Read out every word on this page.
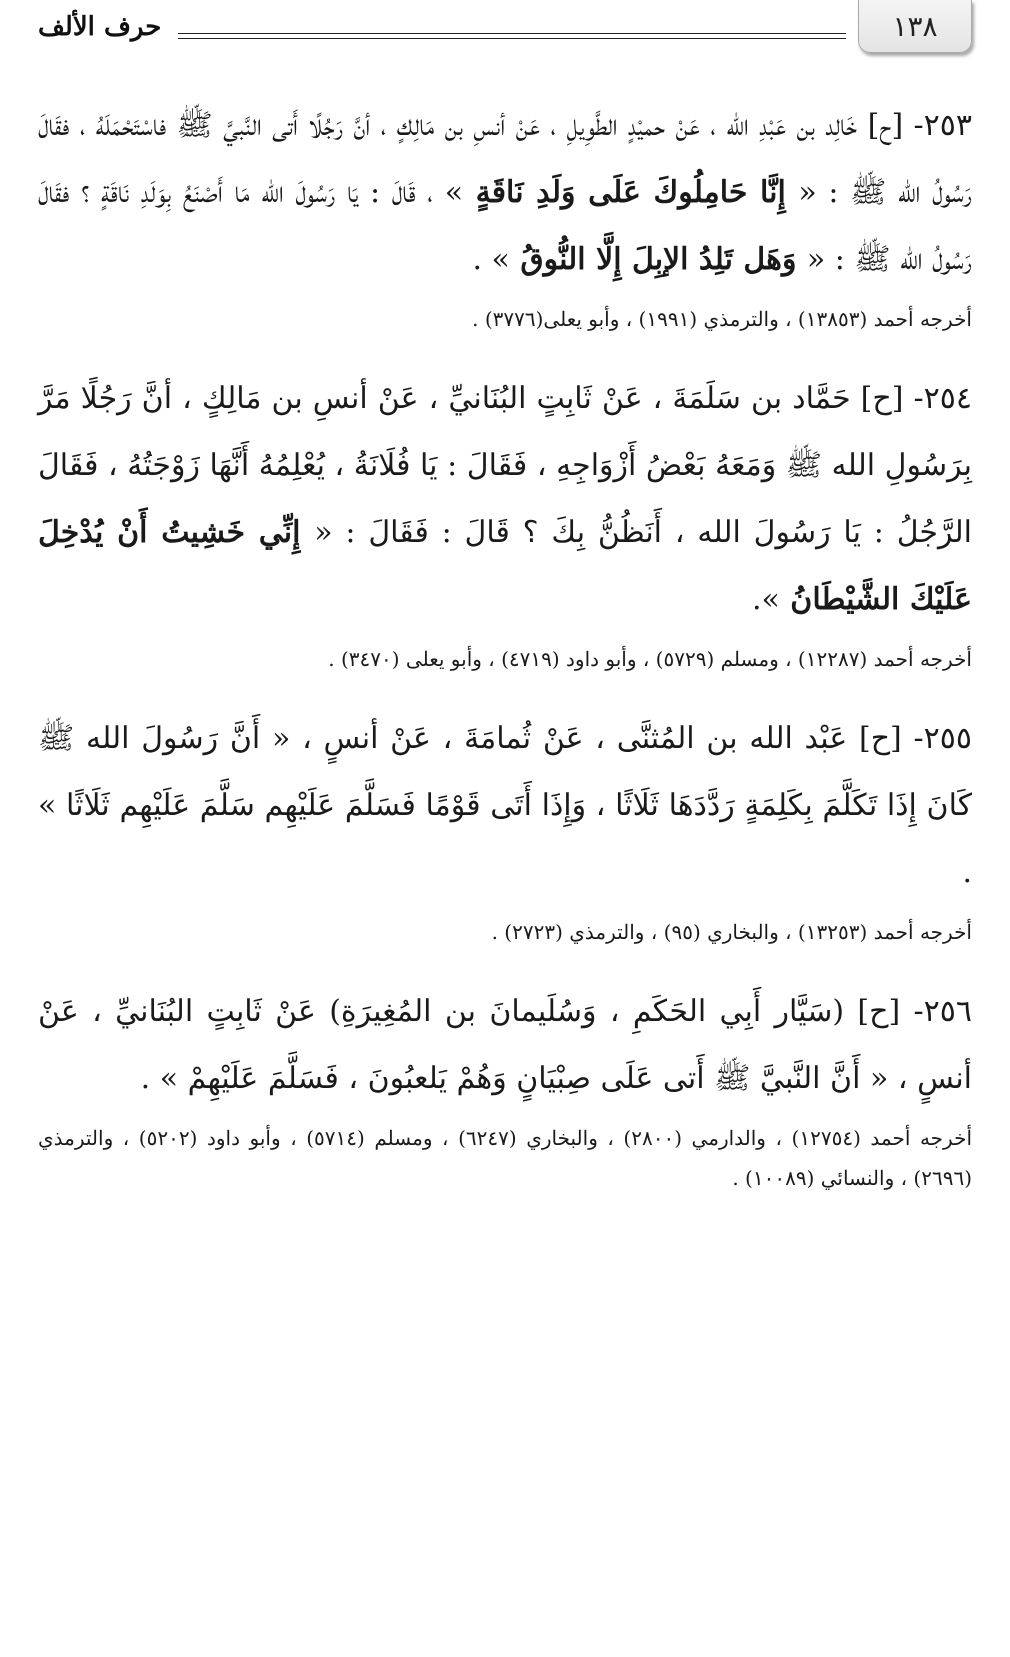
١٣٨
حرف الألف

٢٥٣- [ح] خَالِد بن عَبْدِ الله ، عَنْ حميْدٍ الطَّوِيلِ ، عَنْ أنسِ بن مَالِكٍ ، أنَّ رَجُلًا أَتى النَّبيَّ ﷺ فاسْتَحْمَلَهُ ، فقَالَ رَسُولُ الله ﷺ : « إِنَّا حَامِلُوكَ عَلَى وَلَدِ نَاقَةٍ » ، قَالَ : يَا رَسُولَ الله مَا أَصْنَعُ بِوَلَدِ نَاقَةٍ ؟ فقَالَ رَسُولُ الله ﷺ : « وَهَل تَلِدُ الإبِلَ إِلَّا النُّوقُ » .

أخرجه أحمد (١٣٨٥٣) ، والترمذي (١٩٩١) ، وأبو يعلى(٣٧٧٦) .

٢٥٤- [ح] حَمَّاد بن سَلَمَةَ ، عَنْ ثَابِتٍ البُنَانيِّ ، عَنْ أنسِ بن مَالِكٍ ، أنَّ رَجُلًا مَرَّ بِرَسُولِ الله ﷺ وَمَعَهُ بَعْضُ أَزْوَاجِهِ ، فَقَالَ : يَا فُلَانَةُ ، يُعْلِمُهُ أَنَّهَا زَوْجَتُهُ ، فَقَالَ الرَّجُلُ : يَا رَسُولَ الله ، أَنَظُنُّ بِكَ ؟ قَالَ : فَقَالَ : « إِنِّي خَشِيتُ أَنْ يُدْخِلَ عَلَيْكَ الشَّيْطَانُ ».

أخرجه أحمد (١٢٢٨٧) ، ومسلم (٥٧٢٩) ، وأبو داود (٤٧١٩) ، وأبو يعلى (٣٤٧٠) .

٢٥٥- [ح] عَبْد الله بن المُثنَّى ، عَنْ ثُمامَةَ ، عَنْ أنسٍ ، « أَنَّ رَسُولَ الله ﷺ كَانَ إِذَا تَكَلَّمَ بِكَلِمَةٍ رَدَّدَهَا ثَلَاثًا ، وَإِذَا أَتَى قَوْمًا فَسَلَّمَ عَلَيْهِم سَلَّمَ عَلَيْهِم ثَلَاثًا » .

أخرجه أحمد (١٣٢٥٣) ، والبخاري (٩٥) ، والترمذي (٢٧٢٣) .

٢٥٦- [ح] (سَيَّار أَبِي الحَكَمِ ، وَسُلَيمانَ بن المُغِيرَةِ) عَنْ ثَابِتٍ البُنَانيِّ ، عَنْ أنسٍ ، « أَنَّ النَّبيَّ ﷺ أَتى عَلَى صِبْيَانٍ وَهُمْ يَلعبُونَ ، فَسَلَّمَ عَلَيْهِمْ » .

أخرجه أحمد (١٢٧٥٤) ، والدارمي (٢٨٠٠) ، والبخاري (٦٢٤٧) ، ومسلم (٥٧١٤) ، وأبو داود (٥٢٠٢) ، والترمذي (٢٦٩٦) ، والنسائي (١٠٠٨٩) .
